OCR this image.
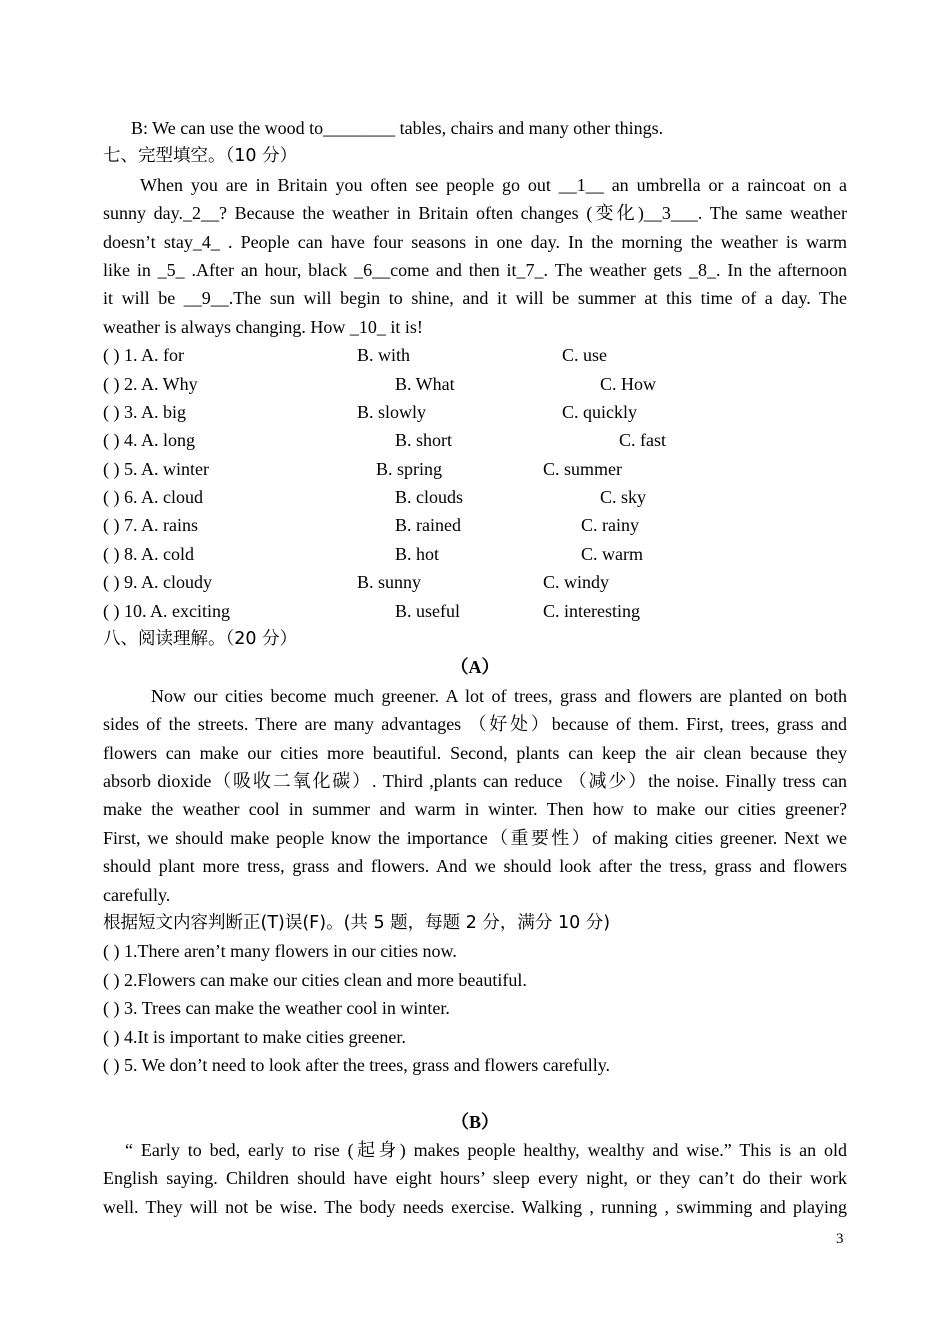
B: We can use the wood to________ tables, chairs and many other things.
七、完型填空。（10 分）
When you are in Britain you often see people go out __1__ an umbrella or a raincoat on a
sunny day._2__? Because the weather in Britain often changes (变化)__3___. The same weather
doesn’t stay_4_ . People can have four seasons in one day. In the morning the weather is warm
like in _5_ .After an hour, black _6__come and then it_7_. The weather gets _8_. In the afternoon
it will be __9__.The sun will begin to shine, and it will be summer at this time of a day. The
weather is always changing. How _10_ it is!
( ) 1. A. for	B. with	C. use
( ) 2. A. Why	B. What	C. How
( ) 3. A. big	B. slowly	C. quickly
( ) 4. A. long	B. short	C. fast
( ) 5. A. winter	B. spring	C. summer
( ) 6. A. cloud	B. clouds	C. sky
( ) 7. A. rains	B. rained	C. rainy
( ) 8. A. cold	B. hot	C. warm
( ) 9. A. cloudy	B. sunny	C. windy
( ) 10. A. exciting	B. useful	C. interesting
八、阅读理解。（20 分）
（A）
Now our cities become much greener. A lot of trees, grass and flowers are planted on both
sides of the streets. There are many advantages （好处）because of them. First, trees, grass and
flowers can make our cities more beautiful. Second, plants can keep the air clean because they
absorb dioxide（吸收二氧化碳）. Third ,plants can reduce （减少）the noise. Finally tress can
make the weather cool in summer and warm in winter. Then how to make our cities greener?
First, we should make people know the importance（重要性）of making cities greener. Next we
should plant more tress, grass and flowers. And we should look after the tress, grass and flowers
carefully.
根据短文内容判断正(T)误(F)。(共 5 题，每题 2 分，满分 10 分)
( ) 1.There aren’t many flowers in our cities now.
( ) 2.Flowers can make our cities clean and more beautiful.
( ) 3. Trees can make the weather cool in winter.
( ) 4.It is important to make cities greener.
( ) 5. We don’t need to look after the trees, grass and flowers carefully.
（B）
“ Early to bed, early to rise (起身) makes people healthy, wealthy and wise.” This is an old
English saying. Children should have eight hours’ sleep every night, or they can’t do their work
well. They will not be wise. The body needs exercise. Walking , running , swimming and playing
3
